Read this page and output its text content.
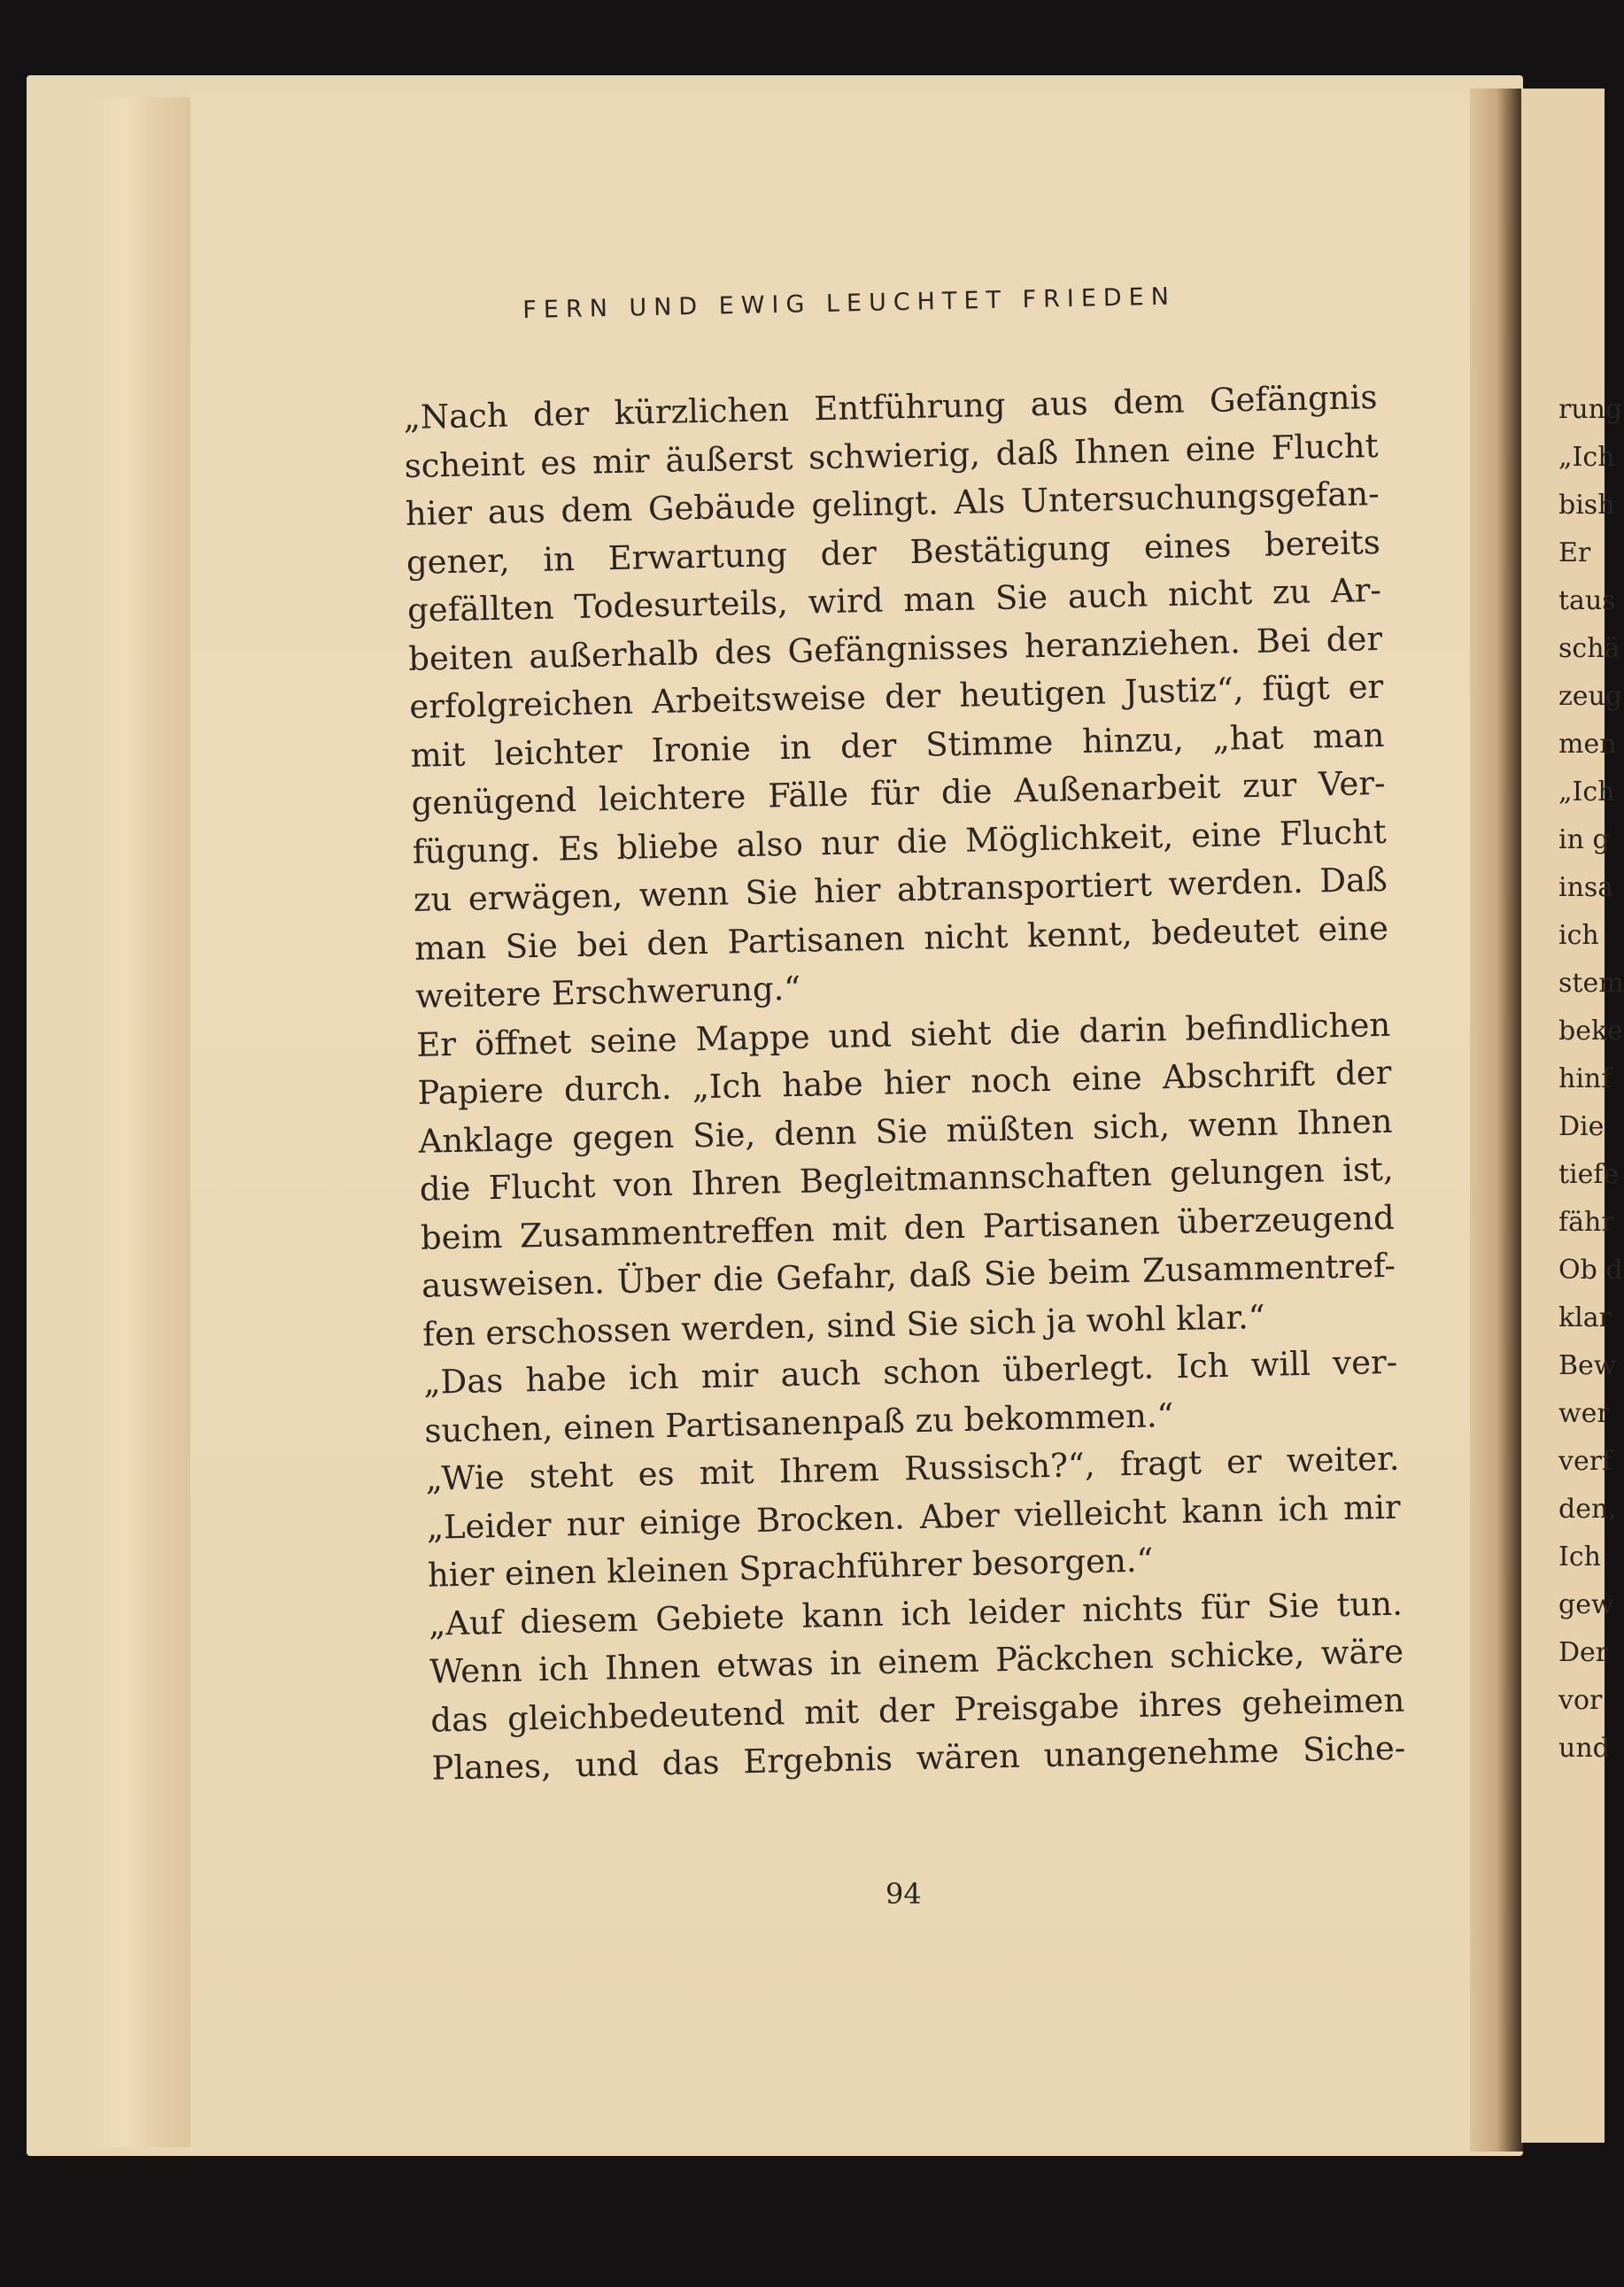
rung
„Ich
bish
Er
taus
schä
zeug
men
„Ich
in g
insa
ich
stem
beke
hinf
Die
tiefe
fähr
Ob d
klar
Bew
wer
verf
den,
Ich
gew
Der
vor
und
FERN UND EWIG LEUCHTET FRIEDEN
„Nach der kürzlichen Entführung aus dem Gefängnis
scheint es mir äußerst schwierig, daß Ihnen eine Flucht
hier aus dem Gebäude gelingt. Als Untersuchungsgefan-
gener, in Erwartung der Bestätigung eines bereits
gefällten Todesurteils, wird man Sie auch nicht zu Ar-
beiten außerhalb des Gefängnisses heranziehen. Bei der
erfolgreichen Arbeitsweise der heutigen Justiz“, fügt er
mit leichter Ironie in der Stimme hinzu, „hat man
genügend leichtere Fälle für die Außenarbeit zur Ver-
fügung. Es bliebe also nur die Möglichkeit, eine Flucht
zu erwägen, wenn Sie hier abtransportiert werden. Daß
man Sie bei den Partisanen nicht kennt, bedeutet eine
weitere Erschwerung.“
Er öffnet seine Mappe und sieht die darin befindlichen
Papiere durch. „Ich habe hier noch eine Abschrift der
Anklage gegen Sie, denn Sie müßten sich, wenn Ihnen
die Flucht von Ihren Begleitmannschaften gelungen ist,
beim Zusammentreffen mit den Partisanen überzeugend
ausweisen. Über die Gefahr, daß Sie beim Zusammentref-
fen erschossen werden, sind Sie sich ja wohl klar.“
„Das habe ich mir auch schon überlegt. Ich will ver-
suchen, einen Partisanenpaß zu bekommen.“
„Wie steht es mit Ihrem Russisch?“, fragt er weiter.
„Leider nur einige Brocken. Aber vielleicht kann ich mir
hier einen kleinen Sprachführer besorgen.“
„Auf diesem Gebiete kann ich leider nichts für Sie tun.
Wenn ich Ihnen etwas in einem Päckchen schicke, wäre
das gleichbedeutend mit der Preisgabe ihres geheimen
Planes, und das Ergebnis wären unangenehme Siche-
94
